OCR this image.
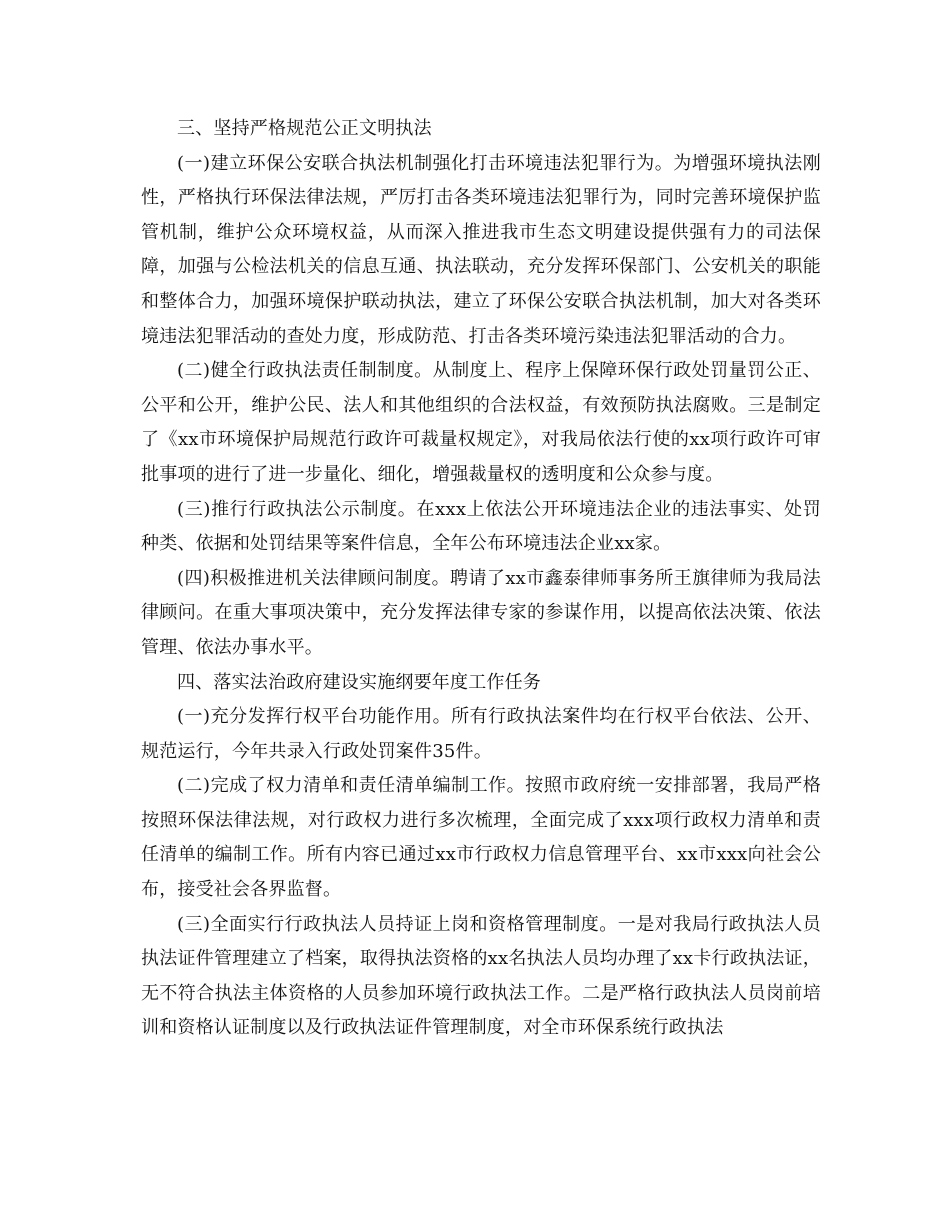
三、坚持严格规范公正文明执法

(一)建立环保公安联合执法机制强化打击环境违法犯罪行为。为增强环境执法刚性，严格执行环保法律法规，严厉打击各类环境违法犯罪行为，同时完善环境保护监管机制，维护公众环境权益，从而深入推进我市生态文明建设提供强有力的司法保障，加强与公检法机关的信息互通、执法联动，充分发挥环保部门、公安机关的职能和整体合力，加强环境保护联动执法，建立了环保公安联合执法机制，加大对各类环境违法犯罪活动的查处力度，形成防范、打击各类环境污染违法犯罪活动的合力。

(二)健全行政执法责任制制度。从制度上、程序上保障环保行政处罚量罚公正、公平和公开，维护公民、法人和其他组织的合法权益，有效预防执法腐败。三是制定了《xx市环境保护局规范行政许可裁量权规定》，对我局依法行使的xx项行政许可审批事项的进行了进一步量化、细化，增强裁量权的透明度和公众参与度。

(三)推行行政执法公示制度。在xxx上依法公开环境违法企业的违法事实、处罚种类、依据和处罚结果等案件信息，全年公布环境违法企业xx家。

(四)积极推进机关法律顾问制度。聘请了xx市鑫泰律师事务所王旗律师为我局法律顾问。在重大事项决策中，充分发挥法律专家的参谋作用，以提高依法决策、依法管理、依法办事水平。

四、落实法治政府建设实施纲要年度工作任务

(一)充分发挥行权平台功能作用。所有行政执法案件均在行权平台依法、公开、规范运行，今年共录入行政处罚案件35件。

(二)完成了权力清单和责任清单编制工作。按照市政府统一安排部署，我局严格按照环保法律法规，对行政权力进行多次梳理，全面完成了xxx项行政权力清单和责任清单的编制工作。所有内容已通过xx市行政权力信息管理平台、xx市xxx向社会公布，接受社会各界监督。

(三)全面实行行政执法人员持证上岗和资格管理制度。一是对我局行政执法人员执法证件管理建立了档案，取得执法资格的xx名执法人员均办理了xx卡行政执法证，无不符合执法主体资格的人员参加环境行政执法工作。二是严格行政执法人员岗前培训和资格认证制度以及行政执法证件管理制度，对全市环保系统行政执法
